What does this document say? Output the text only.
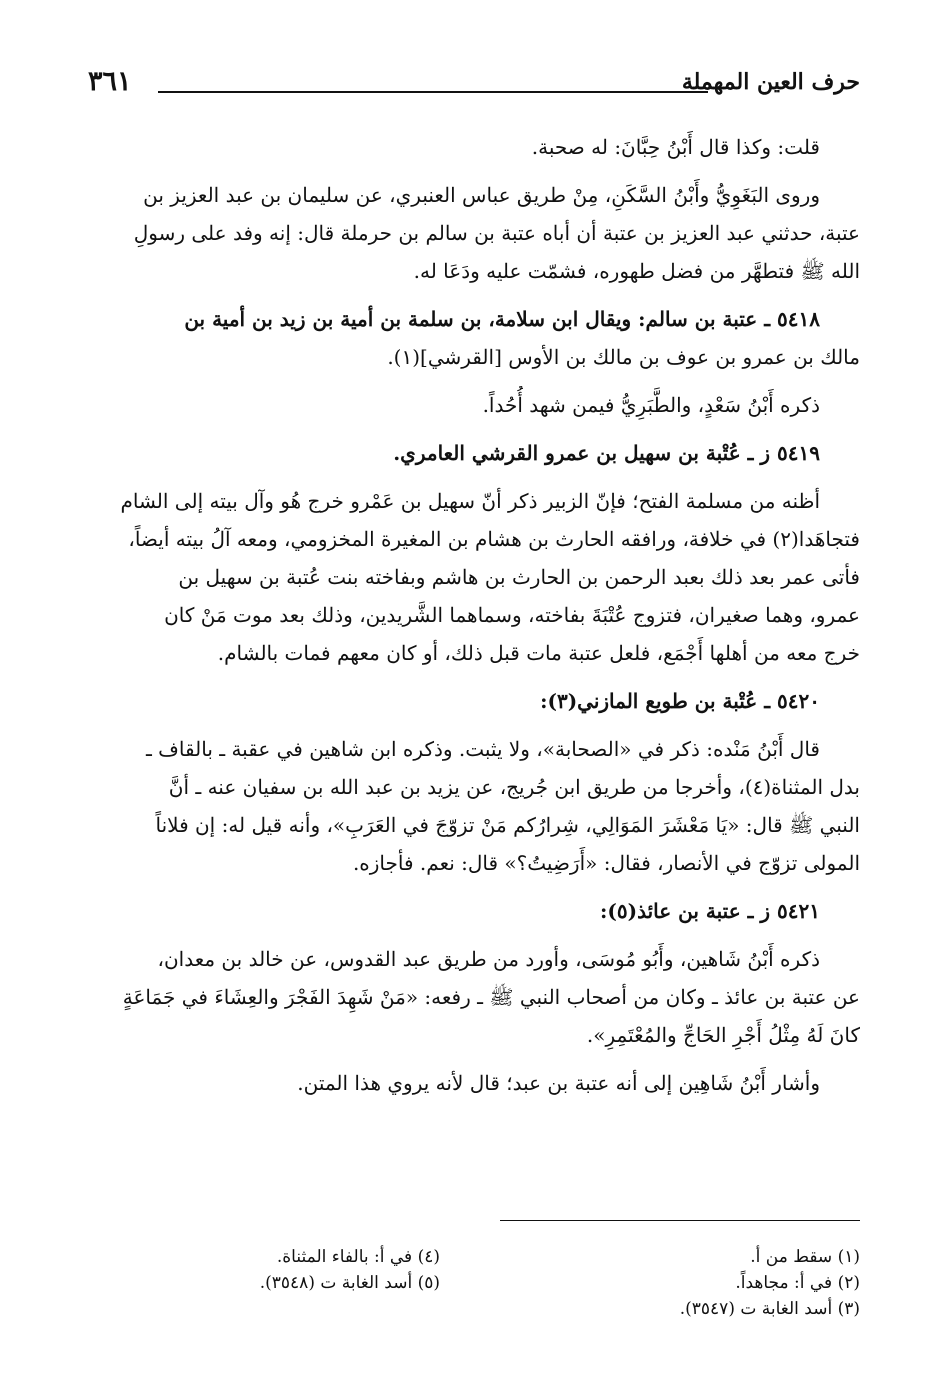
٣٦١	حرف العين المهملة
قلت: وكذا قال أَبْنُ حِبَّانَ: له صحبة.
وروى البَغَوِيُّ وأَبْنُ السَّكَنِ، مِنْ طريق عباس العنبري، عن سليمان بن عبد العزيز بن
عتبة، حدثني عبد العزيز بن عتبة أن أباه عتبة بن سالم بن حرملة قال: إنه وفد على رسولِ
الله ﷺ فتطهَّر من فضل طهوره، فشمّت عليه ودَعَا له.
٥٤١٨ ـ عتبة بن سالم: ويقال ابن سلامة، بن سلمة بن أمية بن زيد بن أمية بن
مالك بن عمرو بن عوف بن مالك بن الأوس [القرشي](١).
ذكره أَبْنُ سَعْدٍ، والطَّبَرِيُّ فيمن شهد أُحُداً.
٥٤١٩ ز ـ عُتْبة بن سهيل بن عمرو القرشي العامري.
أظنه من مسلمة الفتح؛ فإنّ الزبير ذكر أنّ سهيل بن عَمْرو خرج هُو وآل بيته إلى الشام
فتجاهَدا(٢) في خلافة، ورافقه الحارث بن هشام بن المغيرة المخزومي، ومعه آلُ بيته أيضاً،
فأتى عمر بعد ذلك بعبد الرحمن بن الحارث بن هاشم وبفاخته بنت عُتبة بن سهيل بن
عمرو، وهما صغيران، فتزوج عُتْبَةَ بفاخته، وسماهما الشَّريدين، وذلك بعد موت مَنْ كان
خرج معه من أهلها أَجْمَع، فلعل عتبة مات قبل ذلك، أو كان معهم فمات بالشام.
٥٤٢٠ ـ عُتْبة بن طويع المازني(٣):
قال أَبْنُ مَنْده: ذكر في «الصحابة»، ولا يثبت. وذكره ابن شاهين في عقبة ـ بالقاف ـ
بدل المثناة(٤)، وأخرجا من طريق ابن جُريج، عن يزيد بن عبد الله بن سفيان عنه ـ أنَّ
النبي ﷺ قال: «يَا مَعْشَرَ المَوَالِي، شِرارُكم مَنْ تزوّجَ في العَرَبِ»، وأنه قيل له: إن فلاناً
المولى تزوّج في الأنصار، فقال: «أَرَضِيتُ؟» قال: نعم. فأجازه.
٥٤٢١ ز ـ عتبة بن عائذ(٥):
ذكره أَبْنُ شَاهين، وأَبُو مُوسَى، وأورد من طريق عبد القدوس، عن خالد بن معدان،
عن عتبة بن عائذ ـ وكان من أصحاب النبي ﷺ ـ رفعه: «مَنْ شَهِدَ الفَجْرَ والعِشَاءَ في جَمَاعَةٍ
كانَ لَهُ مِثْلُ أَجْرِ الحَاجِّ والمُعْتَمِرِ».
وأشار أَبْنُ شَاهِين إلى أنه عتبة بن عبد؛ قال لأنه يروي هذا المتن.
(١) سقط من أ.
(٢) في أ: مجاهداً.
(٣) أسد الغابة ت (٣٥٤٧).
(٤) في أ: بالفاء المثناة.
(٥) أسد الغابة ت (٣٥٤٨).
